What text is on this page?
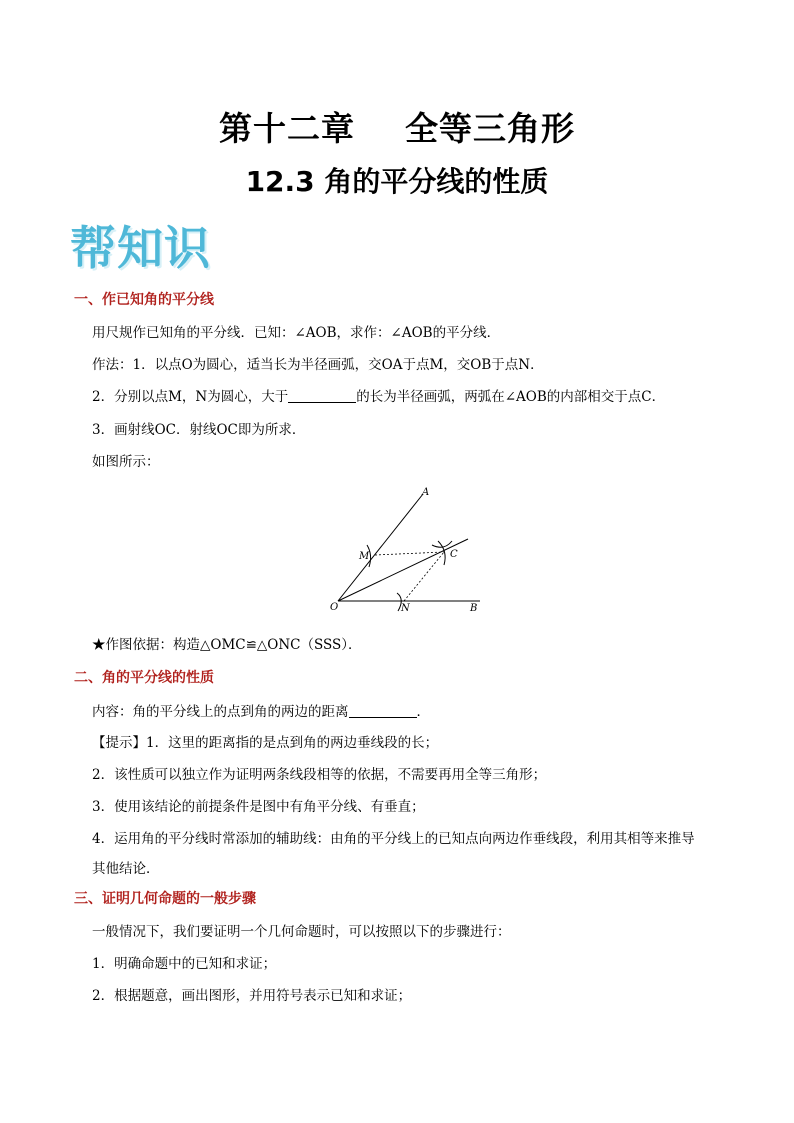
第十二章    全等三角形
12.3 角的平分线的性质
帮知识
一、作已知角的平分线
用尺规作已知角的平分线．已知：∠AOB，求作：∠AOB的平分线．
作法：1．以点O为圆心，适当长为半径画弧，交OA于点M，交OB于点N．
2．分别以点M，N为圆心，大于	的长为半径画弧，两弧在∠AOB的内部相交于点C．
3．画射线OC．射线OC即为所求．
如图所示：
A
B
O
M
N
C
★作图依据：构造△OMC≌△ONC（SSS）．
二、角的平分线的性质
内容：角的平分线上的点到角的两边的距离	．
【提示】1．这里的距离指的是点到角的两边垂线段的长；
2．该性质可以独立作为证明两条线段相等的依据，不需要再用全等三角形；
3．使用该结论的前提条件是图中有角平分线、有垂直；
4．运用角的平分线时常添加的辅助线：由角的平分线上的已知点向两边作垂线段，利用其相等来推导
其他结论．
三、证明几何命题的一般步骤
一般情况下，我们要证明一个几何命题时，可以按照以下的步骤进行：
1．明确命题中的已知和求证；
2．根据题意，画出图形，并用符号表示已知和求证；
